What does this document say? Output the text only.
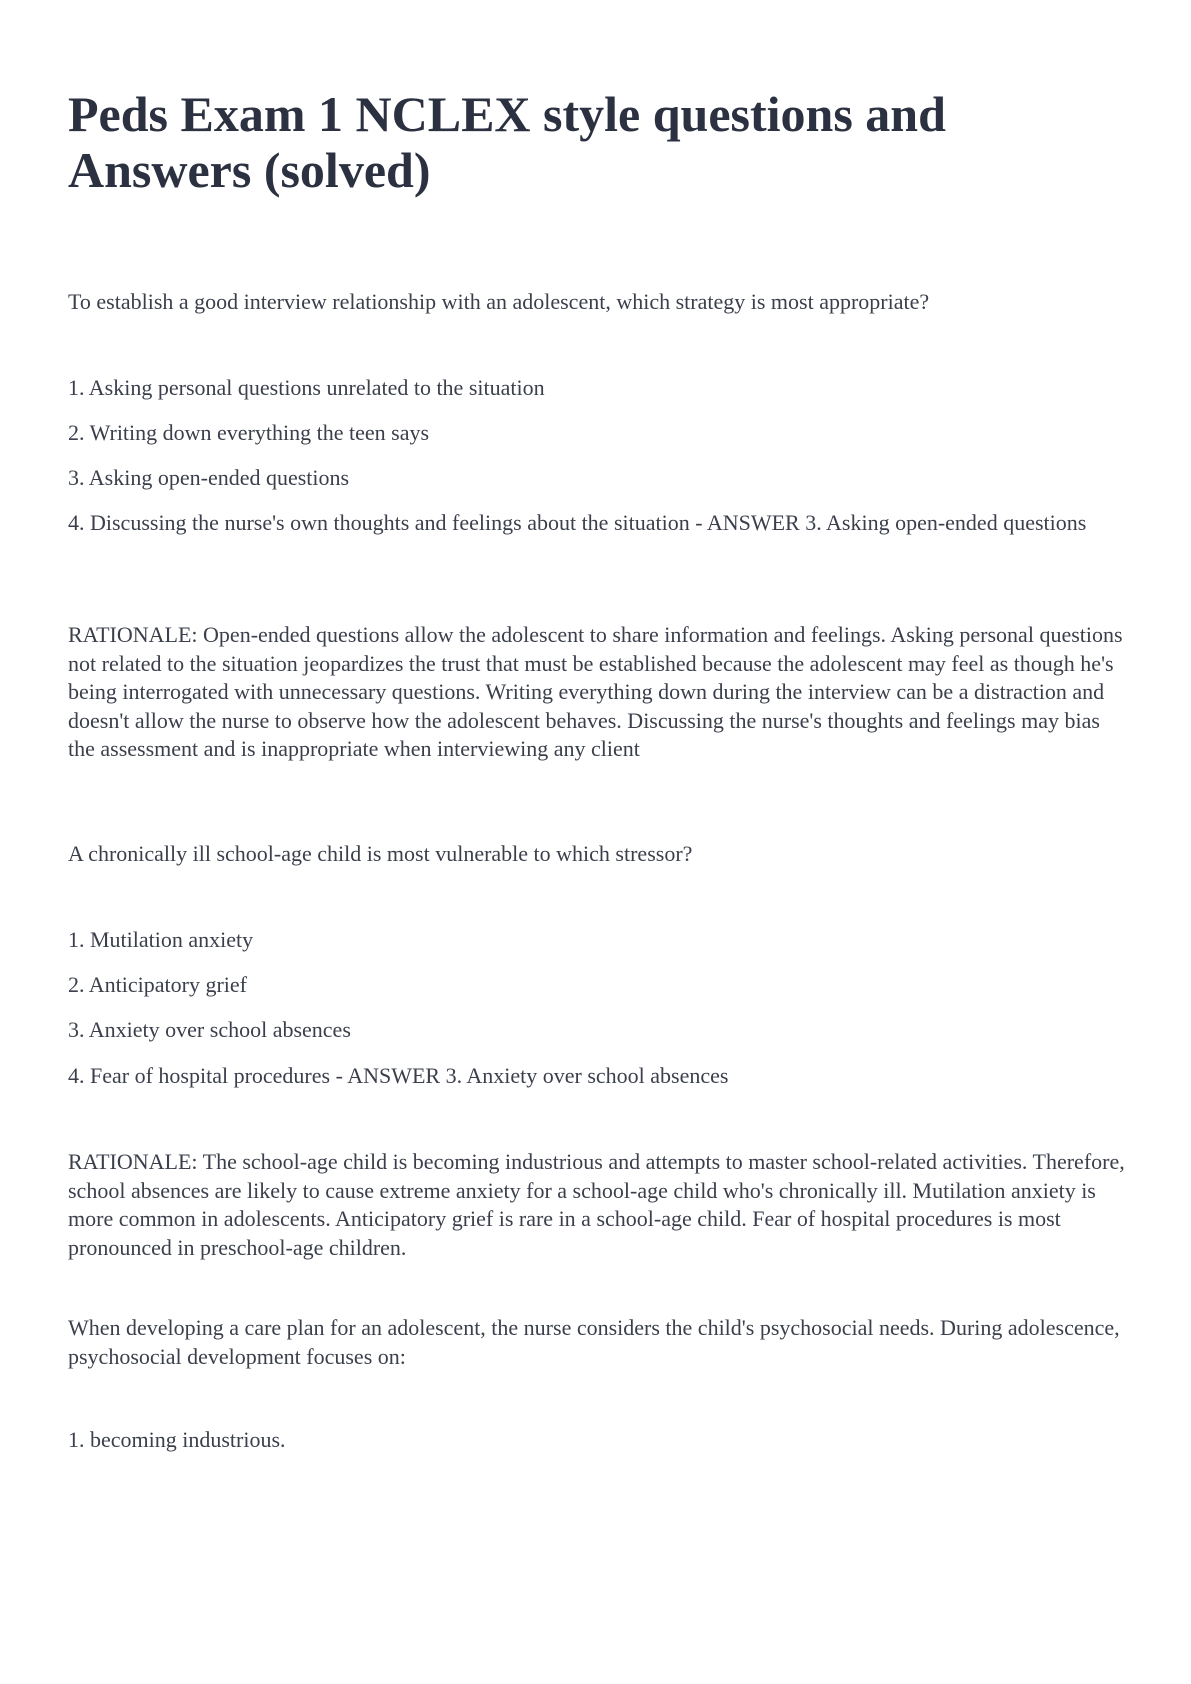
Peds Exam 1 NCLEX style questions and Answers (solved)

To establish a good interview relationship with an adolescent, which strategy is most appropriate?

1. Asking personal questions unrelated to the situation

2. Writing down everything the teen says

3. Asking open-ended questions

4. Discussing the nurse's own thoughts and feelings about the situation - ANSWER 3. Asking open-ended questions

RATIONALE: Open-ended questions allow the adolescent to share information and feelings. Asking personal questions not related to the situation jeopardizes the trust that must be established because the adolescent may feel as though he's being interrogated with unnecessary questions. Writing everything down during the interview can be a distraction and doesn't allow the nurse to observe how the adolescent behaves. Discussing the nurse's thoughts and feelings may bias the assessment and is inappropriate when interviewing any client

A chronically ill school-age child is most vulnerable to which stressor?

1. Mutilation anxiety

2. Anticipatory grief

3. Anxiety over school absences

4. Fear of hospital procedures - ANSWER 3. Anxiety over school absences

RATIONALE: The school-age child is becoming industrious and attempts to master school-related activities. Therefore, school absences are likely to cause extreme anxiety for a school-age child who's chronically ill. Mutilation anxiety is more common in adolescents. Anticipatory grief is rare in a school-age child. Fear of hospital procedures is most pronounced in preschool-age children.

When developing a care plan for an adolescent, the nurse considers the child's psychosocial needs. During adolescence, psychosocial development focuses on:

1. becoming industrious.
